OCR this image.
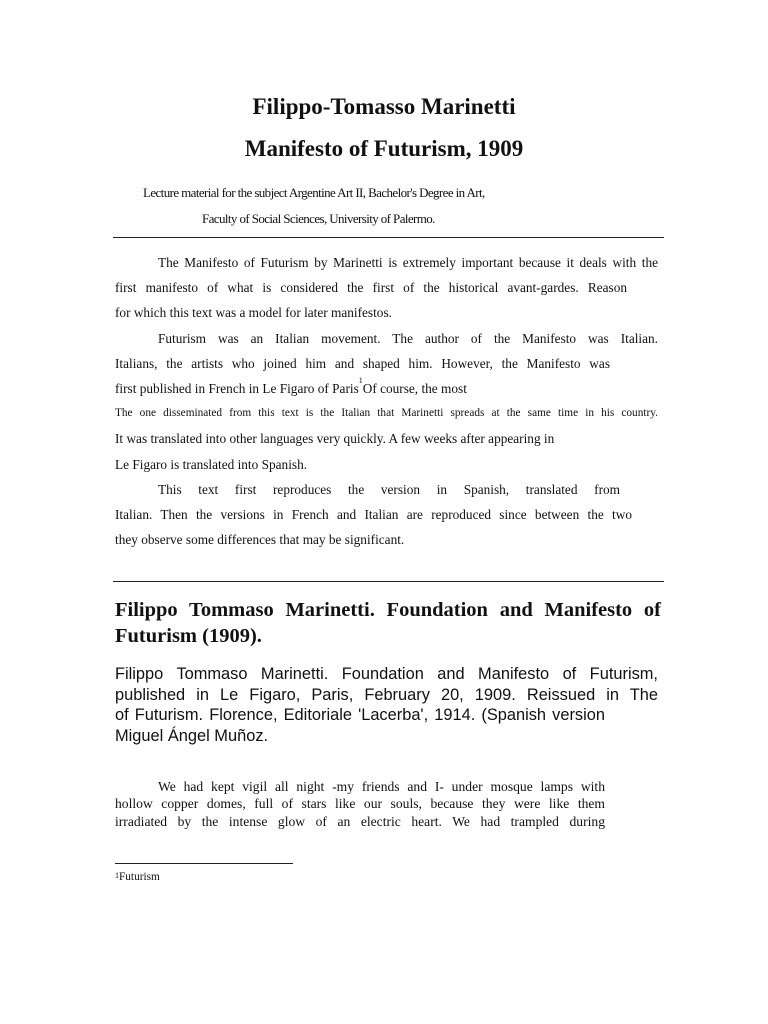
Filippo-Tomasso Marinetti
Manifesto of Futurism, 1909
Lecture material for the subject Argentine Art II, Bachelor's Degree in Art,
Faculty of Social Sciences, University of Palermo.
The Manifesto of Futurism by Marinetti is extremely important because it deals with the
first manifesto of what is considered the first of the historical avant-gardes. Reason
for which this text was a model for later manifestos.
Futurism was an Italian movement. The author of the Manifesto was Italian.
Italians, the artists who joined him and shaped him. However, the Manifesto was
first published in French in Le Figaro of Paris$^1$Of course, the most
The one disseminated from this text is the Italian that Marinetti spreads at the same time in his country.
It was translated into other languages very quickly. A few weeks after appearing in
Le Figaro is translated into Spanish.
This text first reproduces the version in Spanish, translated from
Italian. Then the versions in French and Italian are reproduced since between the two
they observe some differences that may be significant.
Filippo Tommaso Marinetti. Foundation and Manifesto of Futurism (1909).
Filippo Tommaso Marinetti. Foundation and Manifesto of Futurism,
published in Le Figaro, Paris, February 20, 1909. Reissued in The
of Futurism. Florence, Editoriale 'Lacerba', 1914. (Spanish version
Miguel Ángel Muñoz.
We had kept vigil all night -my friends and I- under mosque lamps with
hollow copper domes, full of stars like our souls, because they were like them
irradiated by the intense glow of an electric heart. We had trampled during
$^1$Futurism
